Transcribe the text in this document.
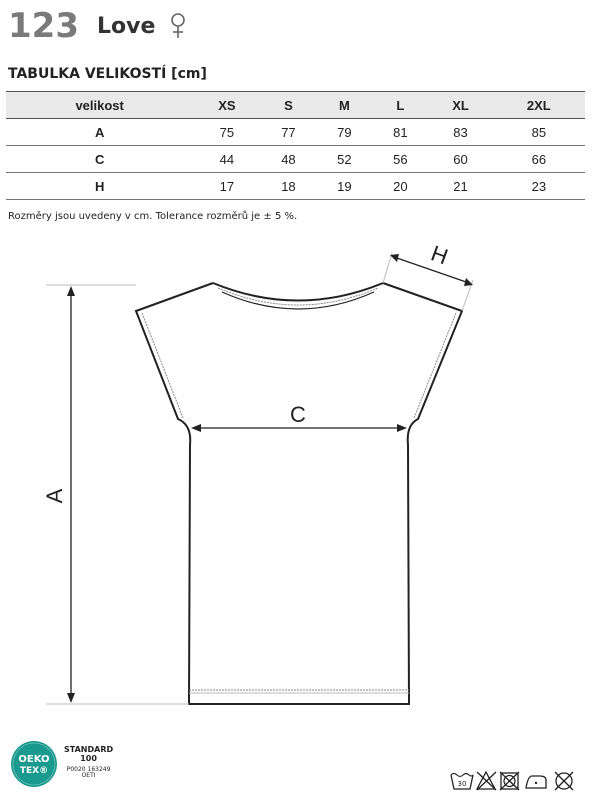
123 Love
TABULKA VELIKOSTÍ [cm]
velikost	XS	S	M	L	XL	2XL
A	75	77	79	81	83	85
C	44	48	52	56	60	66
H	17	18	19	20	21	23
Rozměry jsou uvedeny v cm. Tolerance rozměrů je ± 5 %.
A
C
H
OEKO
TEX®
STANDARD
100
P0020 163249
OETI
30
